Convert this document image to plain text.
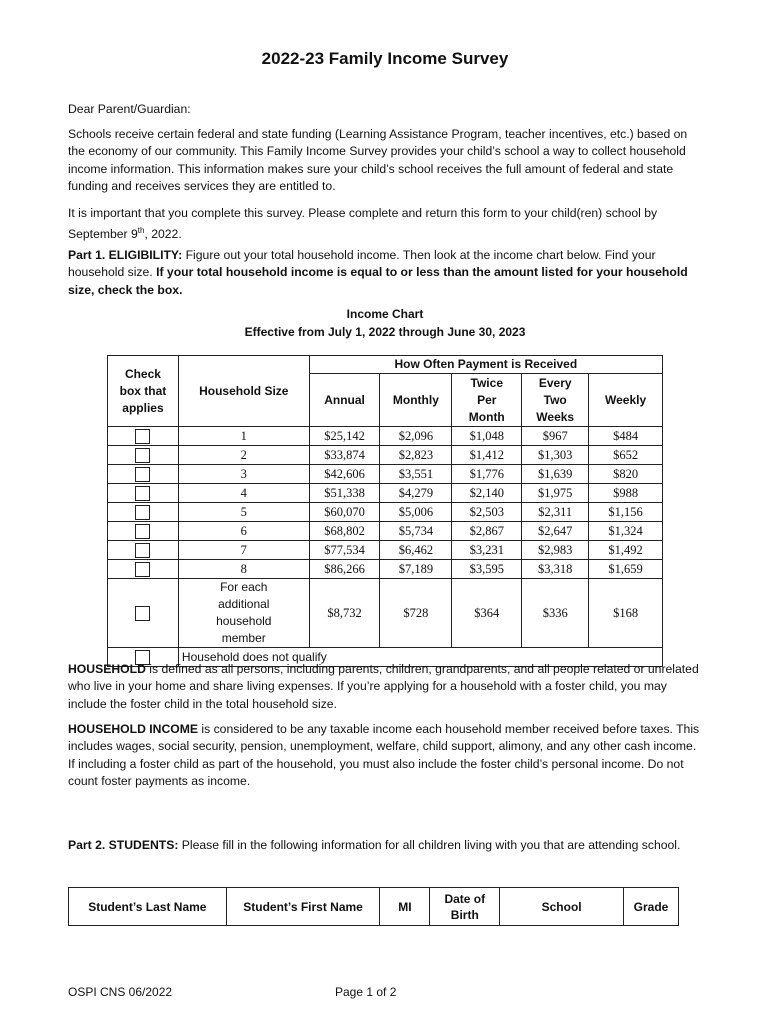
2022-23 Family Income Survey

Dear Parent/Guardian:

Schools receive certain federal and state funding (Learning Assistance Program, teacher incentives, etc.) based on the economy of our community. This Family Income Survey provides your child’s school a way to collect household income information. This information makes sure your child’s school receives the full amount of federal and state funding and receives services they are entitled to.

It is important that you complete this survey. Please complete and return this form to your child(ren) school by September 9th, 2022.

Part 1. ELIGIBILITY: Figure out your total household income. Then look at the income chart below. Find your household size. If your total household income is equal to or less than the amount listed for your household size, check the box.

Income Chart
Effective from July 1, 2022 through June 30, 2023
Check box that applies	Household Size	How Often Payment is Received				
		Annual	Monthly	Twice Per Month	Every Two Weeks	Weekly
	1	$25,142	$2,096	$1,048	$967	$484
	2	$33,874	$2,823	$1,412	$1,303	$652
	3	$42,606	$3,551	$1,776	$1,639	$820
	4	$51,338	$4,279	$2,140	$1,975	$988
	5	$60,070	$5,006	$2,503	$2,311	$1,156
	6	$68,802	$5,734	$2,867	$2,647	$1,324
	7	$77,534	$6,462	$3,231	$2,983	$1,492
	8	$86,266	$7,189	$3,595	$3,318	$1,659
	For each additional household member	$8,732	$728	$364	$336	$168
	Household does not qualify					

HOUSEHOLD is defined as all persons, including parents, children, grandparents, and all people related or unrelated who live in your home and share living expenses. If you’re applying for a household with a foster child, you may include the foster child in the total household size.

HOUSEHOLD INCOME is considered to be any taxable income each household member received before taxes. This includes wages, social security, pension, unemployment, welfare, child support, alimony, and any other cash income. If including a foster child as part of the household, you must also include the foster child’s personal income. Do not count foster payments as income.

Part 2. STUDENTS: Please fill in the following information for all children living with you that are attending school.

Student’s Last Name	Student’s First Name	MI	Date of Birth	School	Grade
OSPI CNS 06/2022	Page 1 of 2
